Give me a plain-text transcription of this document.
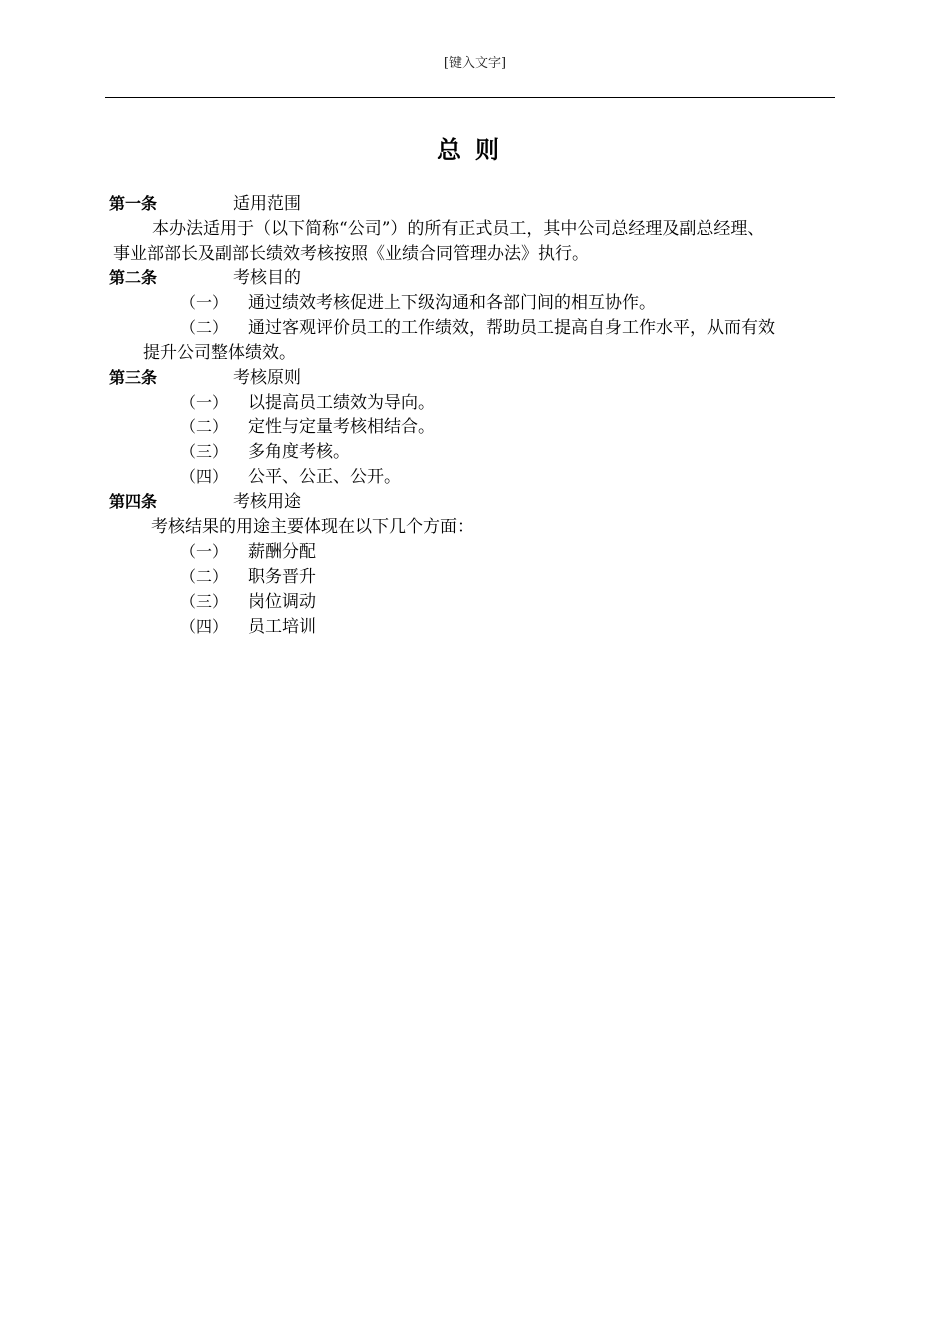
[键入文字]
总则
第一条	适用范围
本办法适用于（以下简称“公司”）的所有正式员工，其中公司总经理及副总经理、
事业部部长及副部长绩效考核按照《业绩合同管理办法》执行。
第二条	考核目的
（一） 通过绩效考核促进上下级沟通和各部门间的相互协作。
（二） 通过客观评价员工的工作绩效，帮助员工提高自身工作水平，从而有效
提升公司整体绩效。
第三条	考核原则
（一） 以提高员工绩效为导向。
（二） 定性与定量考核相结合。
（三） 多角度考核。
（四） 公平、公正、公开。
第四条	考核用途
考核结果的用途主要体现在以下几个方面：
（一） 薪酬分配
（二） 职务晋升
（三） 岗位调动
（四） 员工培训
